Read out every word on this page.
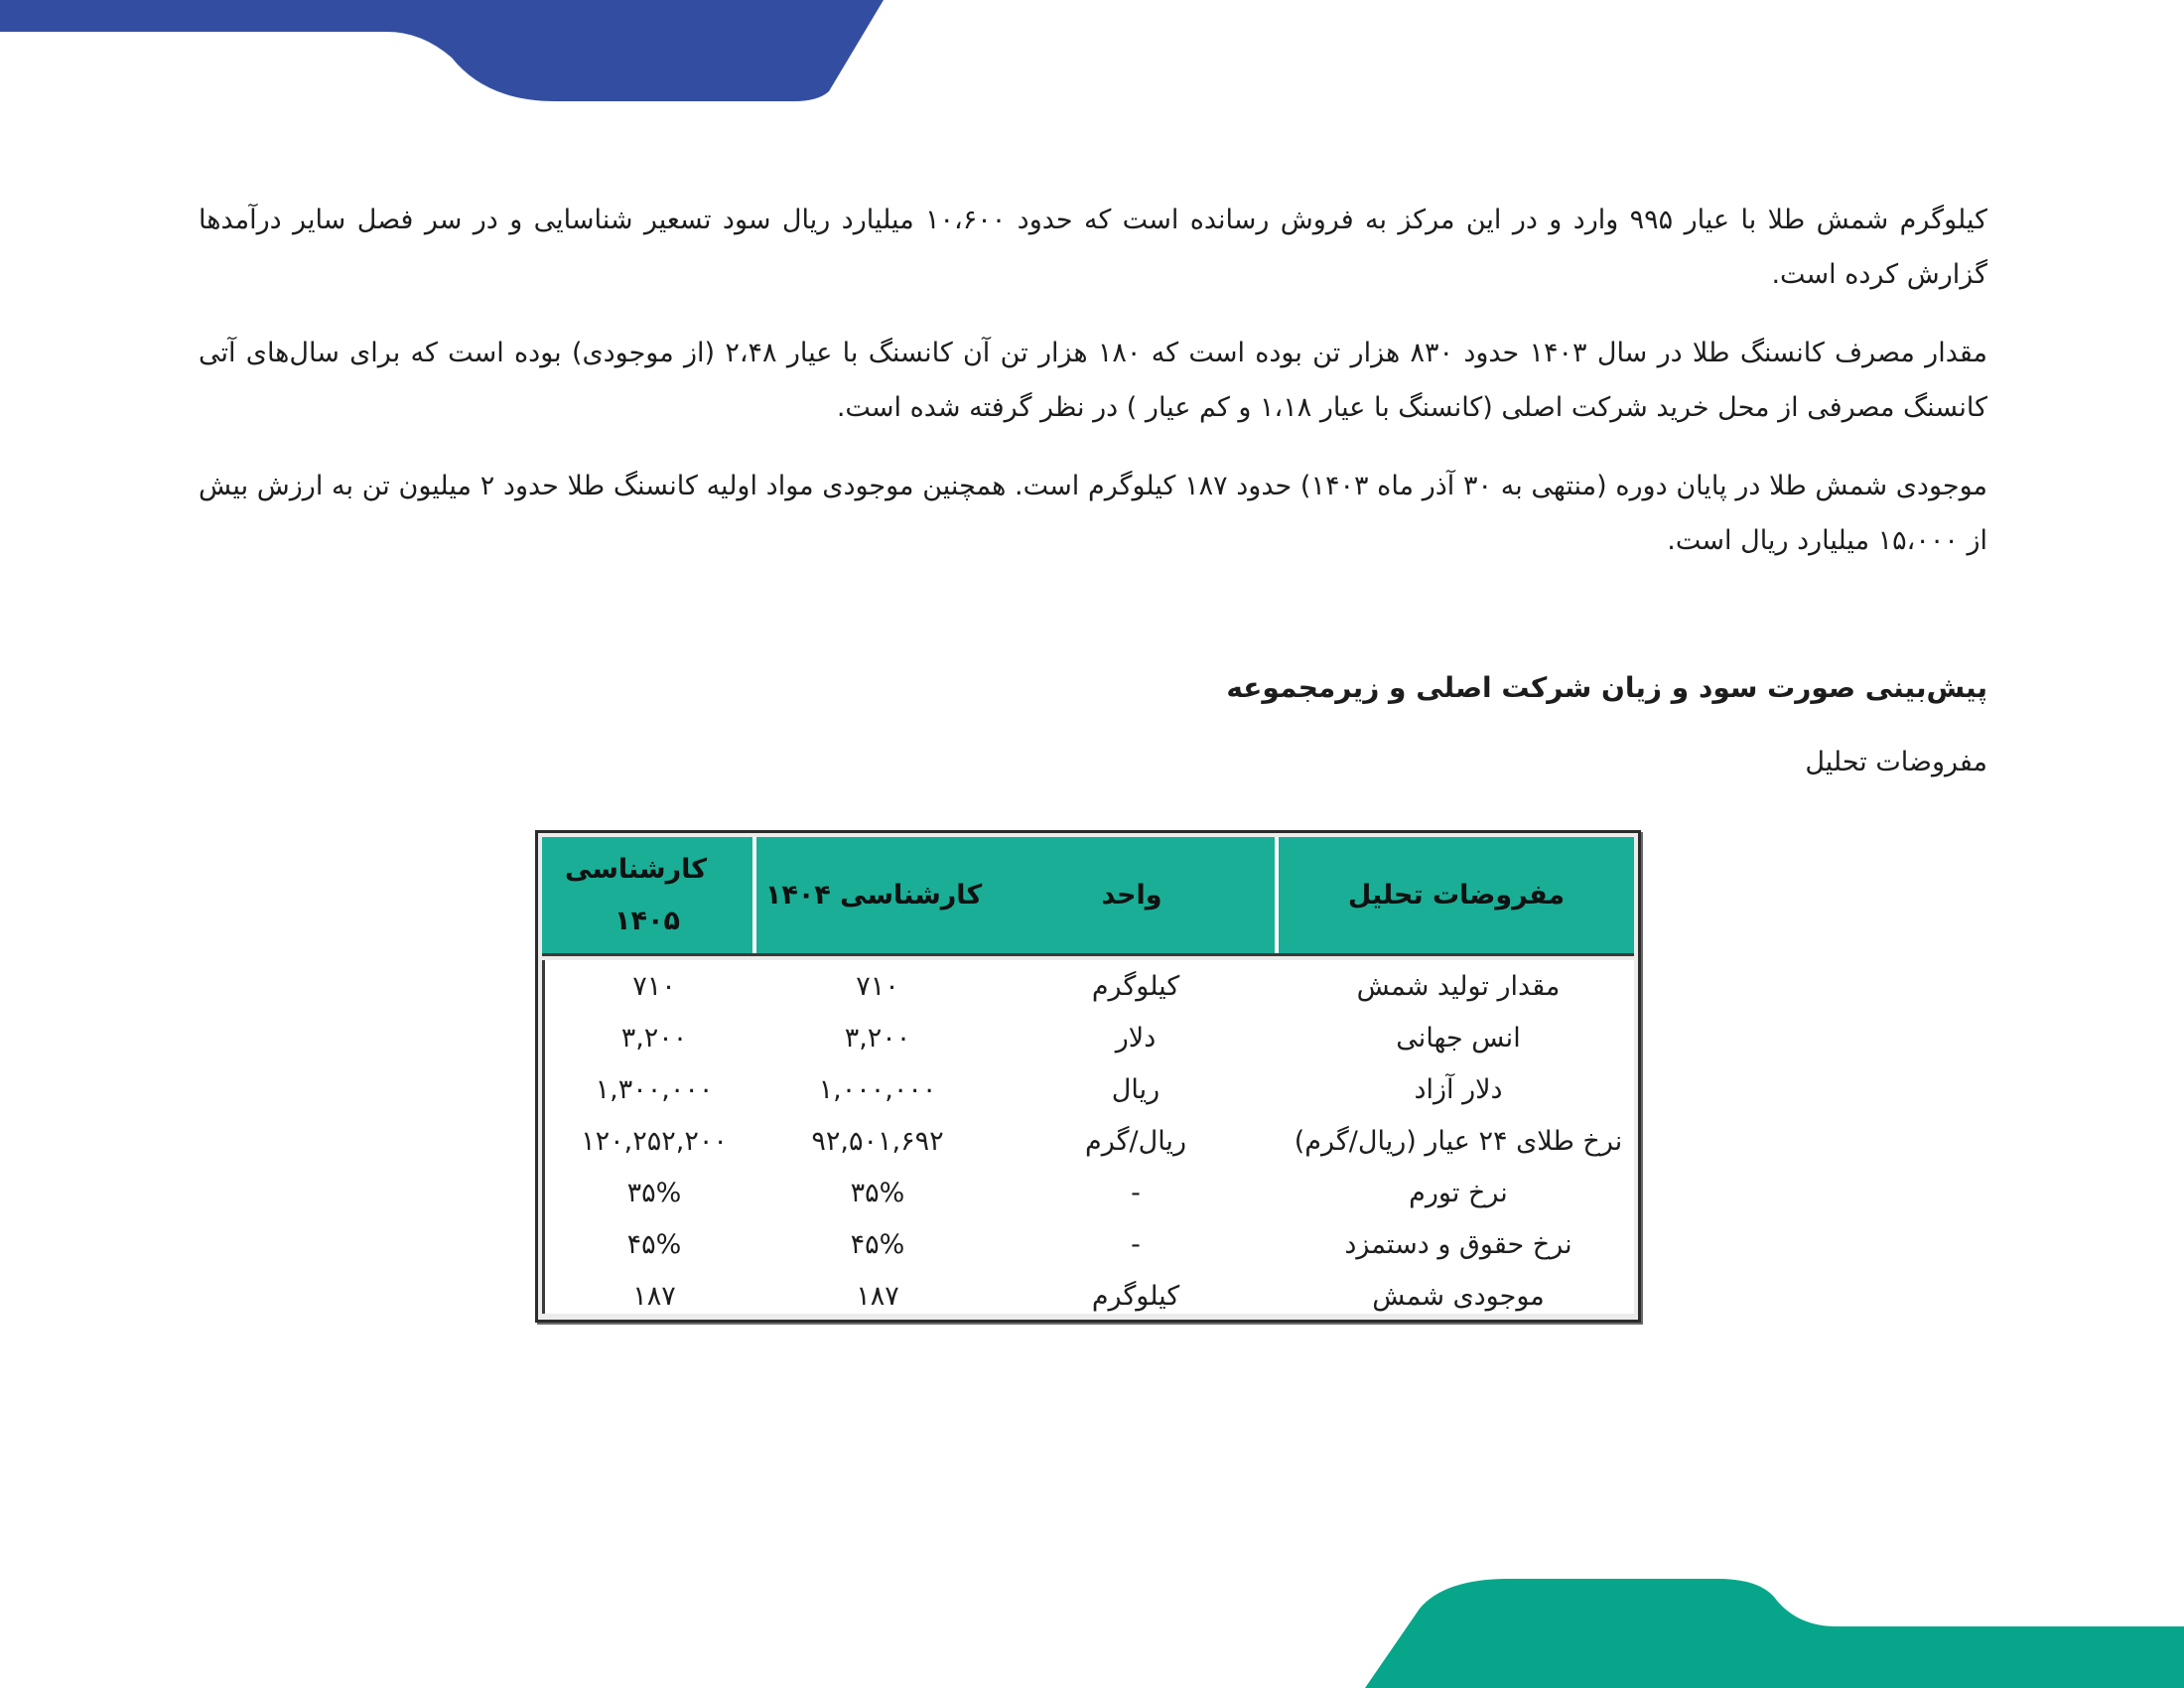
کیلوگرم شمش طلا با عیار ۹۹۵ وارد و در این مرکز به فروش رسانده است که حدود ۱۰،۶۰۰ میلیارد ریال سود تسعیر شناسایی و در سر فصل سایر درآمدها گزارش کرده است.

مقدار مصرف کانسنگ طلا در سال ۱۴۰۳ حدود ۸۳۰ هزار تن بوده است که ۱۸۰ هزار تن آن کانسنگ با عیار ۲،۴۸ (از موجودی) بوده است که برای سال‌های آتی کانسنگ مصرفی از محل خرید شرکت اصلی (کانسنگ با عیار ۱،۱۸ و کم عیار ) در نظر گرفته شده است.

موجودی شمش طلا در پایان دوره (منتهی به ۳۰ آذر ماه ۱۴۰۳) حدود ۱۸۷ کیلوگرم است. همچنین موجودی مواد اولیه کانسنگ طلا حدود ۲ میلیون تن به ارزش بیش از ۱۵،۰۰۰ میلیارد ریال است.

پیش‌بینی صورت سود و زیان شرکت اصلی و زیرمجموعه

مفروضات تحلیل

مفروضات تحلیل
واحد
کارشناسی ۱۴۰۴
کارشناسی ۱۴۰۵
مقدار تولید شمش
کیلوگرم
۷۱۰
۷۱۰
انس جهانی
دلار
۳,۲۰۰
۳,۲۰۰
دلار آزاد
ریال
۱,۰۰۰,۰۰۰
۱,۳۰۰,۰۰۰
نرخ طلای ۲۴ عیار (ریال/گرم)
ریال/گرم
۹۲,۵۰۱,۶۹۲
۱۲۰,۲۵۲,۲۰۰
نرخ تورم
-
۳۵%
۳۵%
نرخ حقوق و دستمزد
-
۴۵%
۴۵%
موجودی شمش
کیلوگرم
۱۸۷
۱۸۷
